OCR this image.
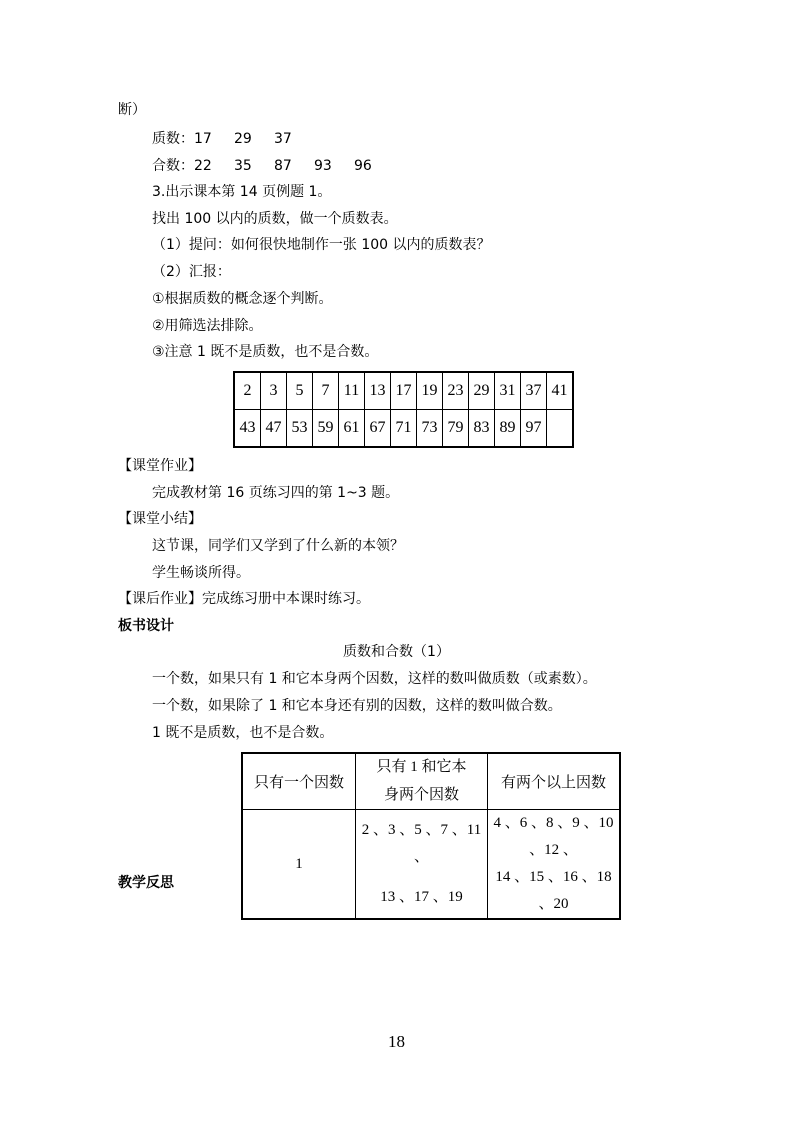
断）
质数：17 29 37
合数：22 35 87 93 96
3.出示课本第 14 页例题 1。
找出 100 以内的质数，做一个质数表。
（1）提问：如何很快地制作一张 100 以内的质数表？
（2）汇报：
①根据质数的概念逐个判断。
②用筛选法排除。
③注意 1 既不是质数，也不是合数。
2	3	5	7	11	13	17	19	23	29	31	37	41
43	47	53	59	61	67	71	73	79	83	89	97	
【课堂作业】
完成教材第 16 页练习四的第 1~3 题。
【课堂小结】
这节课，同学们又学到了什么新的本领？
学生畅谈所得。
【课后作业】完成练习册中本课时练习。
板书设计
质数和合数（1）
一个数，如果只有 1 和它本身两个因数，这样的数叫做质数（或素数）。
一个数，如果除了 1 和它本身还有别的因数，这样的数叫做合数。
1 既不是质数，也不是合数。
只有一个因数	只有 1 和它本
身两个因数	有两个以上因数
1	2 、3 、5 、7 、11 、
13 、17 、19	4 、6 、8 、9 、10 、12 、
14 、15 、16 、18 、20
教学反思
18
